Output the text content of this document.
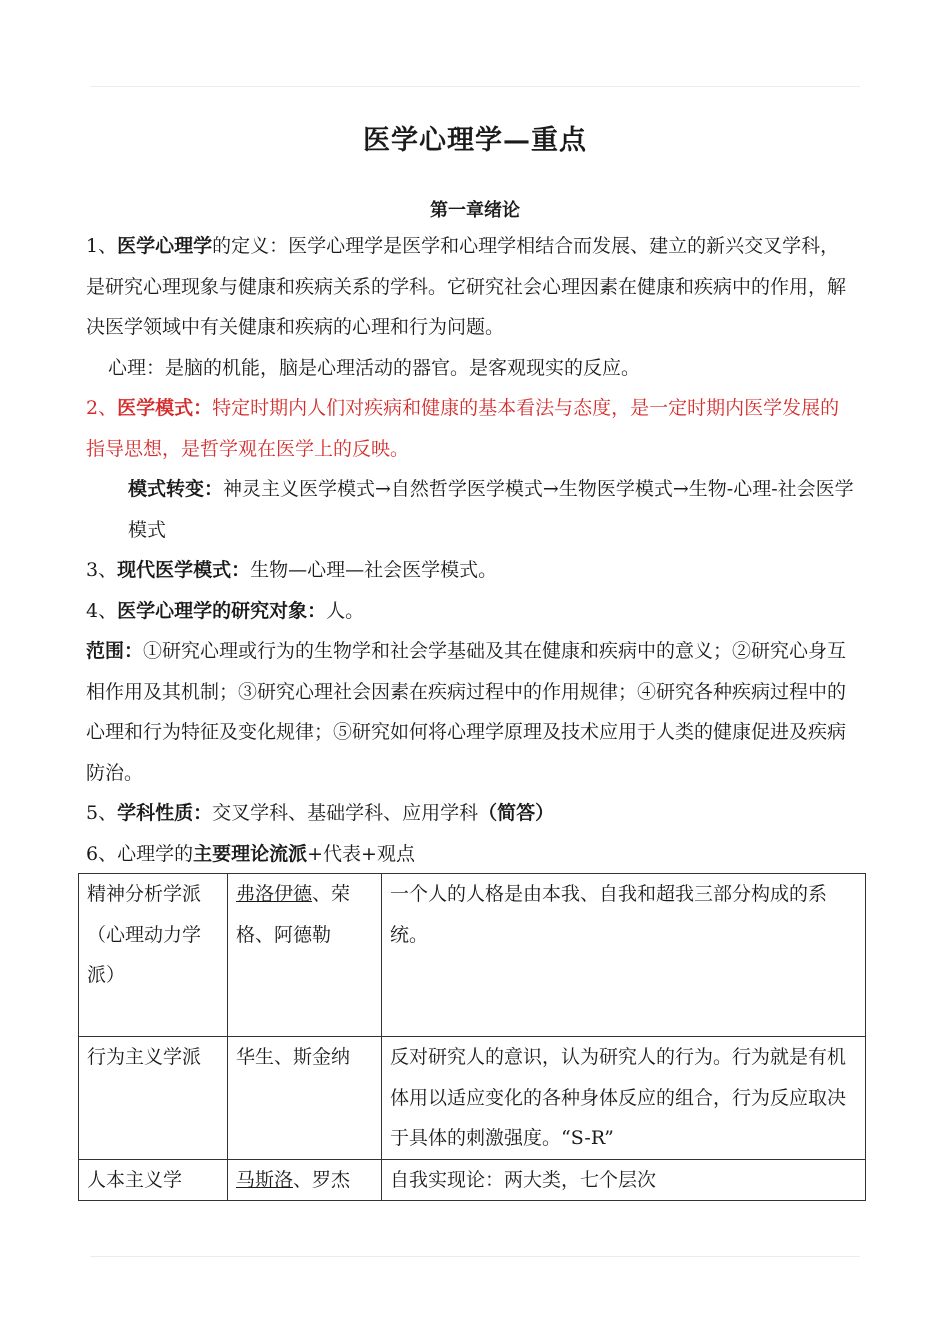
医学心理学—重点
第一章绪论

1、医学心理学的定义：医学心理学是医学和心理学相结合而发展、建立的新兴交叉学科，是研究心理现象与健康和疾病关系的学科。它研究社会心理因素在健康和疾病中的作用，解决医学领域中有关健康和疾病的心理和行为问题。

心理：是脑的机能，脑是心理活动的器官。是客观现实的反应。

2、医学模式：特定时期内人们对疾病和健康的基本看法与态度，是一定时期内医学发展的指导思想，是哲学观在医学上的反映。

模式转变：神灵主义医学模式→自然哲学医学模式→生物医学模式→生物-心理-社会医学模式

3、现代医学模式：生物—心理—社会医学模式。

4、医学心理学的研究对象：人。

范围：①研究心理或行为的生物学和社会学基础及其在健康和疾病中的意义；②研究心身互相作用及其机制；③研究心理社会因素在疾病过程中的作用规律；④研究各种疾病过程中的心理和行为特征及变化规律；⑤研究如何将心理学原理及技术应用于人类的健康促进及疾病防治。

5、学科性质：交叉学科、基础学科、应用学科（简答）

6、心理学的主要理论流派+代表+观点

精神分析学派
（心理动力学派）	弗洛伊德、荣格、阿德勒	一个人的人格是由本我、自我和超我三部分构成的系统。
行为主义学派	华生、斯金纳	反对研究人的意识，认为研究人的行为。行为就是有机体用以适应变化的各种身体反应的组合，行为反应取决于具体的刺激强度。“S-R”
人本主义学	马斯洛、罗杰	自我实现论：两大类，七个层次
